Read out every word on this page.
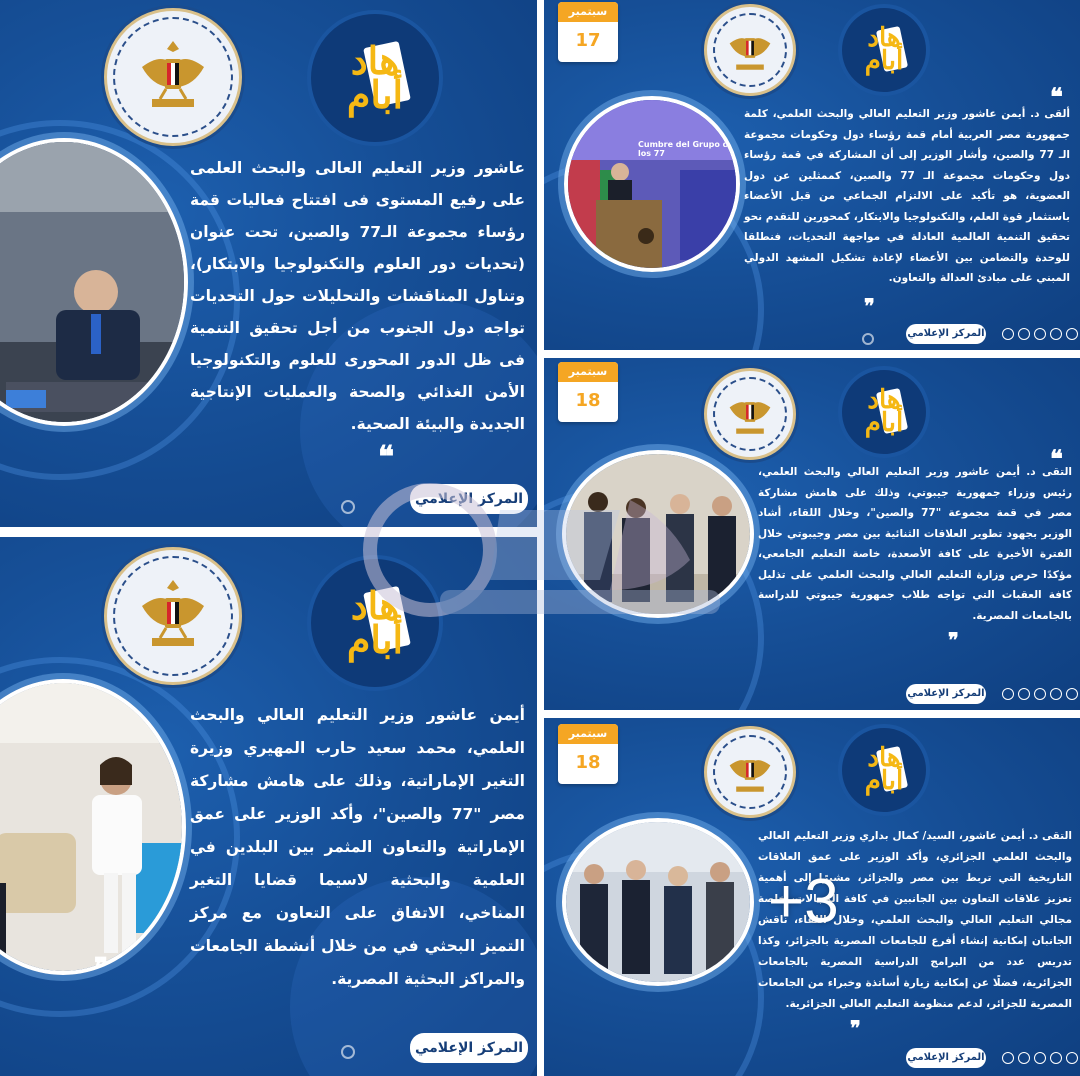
هاد
أبام
عاشور وزير التعليم العالى والبحث العلمى على رفيع المستوى فى افتتاح فعاليات قمة رؤساء مجموعة الـ77 والصين، تحت عنوان (تحديات دور العلوم والتكنولوجيا والابتكار)، وتناول المناقشات والتحليلات حول التحديات تواجه دول الجنوب من أجل تحقيق التنمية فى ظل الدور المحورى للعلوم والتكنولوجيا الأمن الغذائي والصحة والعمليات الإنتاجية الجديدة والبيئة الصحية.
❝
المركز الإعلامي
سبتمبر
17	هاد
أبام
Cumbre del Grupo de los 77
❝
ألقى د. أيمن عاشور وزير التعليم العالي والبحث العلمي، كلمة جمهورية مصر العربية أمام قمة رؤساء دول وحكومات مجموعة الـ 77 والصين، وأشار الوزير إلى أن المشاركة في قمة رؤساء دول وحكومات مجموعة الـ 77 والصين، كممثلين عن دول العضوية، هو تأكيد على الالتزام الجماعي من قبل الأعضاء باستثمار قوة العلم، والتكنولوجيا والابتكار، كمحورين للتقدم نحو تحقيق التنمية العالمية العادلة في مواجهة التحديات، فنطلقا للوحدة والتضامن بين الأعضاء لإعادة تشكيل المشهد الدولي المبني على مبادئ العدالة والتعاون.
❞
المركز الإعلامي
سبتمبر
18	هاد
أبام
❝
التقى د. أيمن عاشور وزير التعليم العالي والبحث العلمي، رئيس وزراء جمهورية جيبوتي، وذلك على هامش مشاركة مصر في قمة مجموعة "77 والصين"، وخلال اللقاء، أشاد الوزير بجهود تطوير العلاقات الثنائية بين مصر وجيبوتي خلال الفترة الأخيرة على كافة الأصعدة، خاصة التعليم الجامعي، مؤكدًا حرص وزارة التعليم العالي والبحث العلمي على تذليل كافة العقبات التي تواجه طلاب جمهورية جيبوتي للدراسة بالجامعات المصرية.
❞
المركز الإعلامي
هاد
أبام
أيمن عاشور وزير التعليم العالي والبحث العلمي، محمد سعيد حارب المهيري وزيرة التغير الإماراتية، وذلك على هامش مشاركة مصر "77 والصين"، وأكد الوزير على عمق الإماراتية والتعاون المثمر بين البلدين في العلمية والبحثية لاسيما قضايا التغير المناخي، الاتفاق على التعاون مع مركز التميز البحثي في من خلال أنشطة الجامعات والمراكز البحثية المصرية.
❞
المركز الإعلامي
سبتمبر
18	هاد
أبام
التقى د. أيمن عاشور، السيد/ كمال بداري وزير التعليم العالي والبحث العلمي الجزائري، وأكد الوزير على عمق العلاقات التاريخية التي تربط بين مصر والجزائر، مشيرًا إلى أهمية تعزيز علاقات التعاون بين الجانبين في كافة المجالات، خاصة مجالي التعليم العالي والبحث العلمي، وخلال اللقاء، ناقش الجانبان إمكانية إنشاء أفرع للجامعات المصرية بالجزائر، وكذا تدريس عدد من البرامج الدراسية المصرية بالجامعات الجزائرية، فضلًا عن إمكانية زيارة أساتذة وخبراء من الجامعات المصرية للجزائر، لدعم منظومة التعليم العالي الجزائرية.
❞
المركز الإعلامي
+3
